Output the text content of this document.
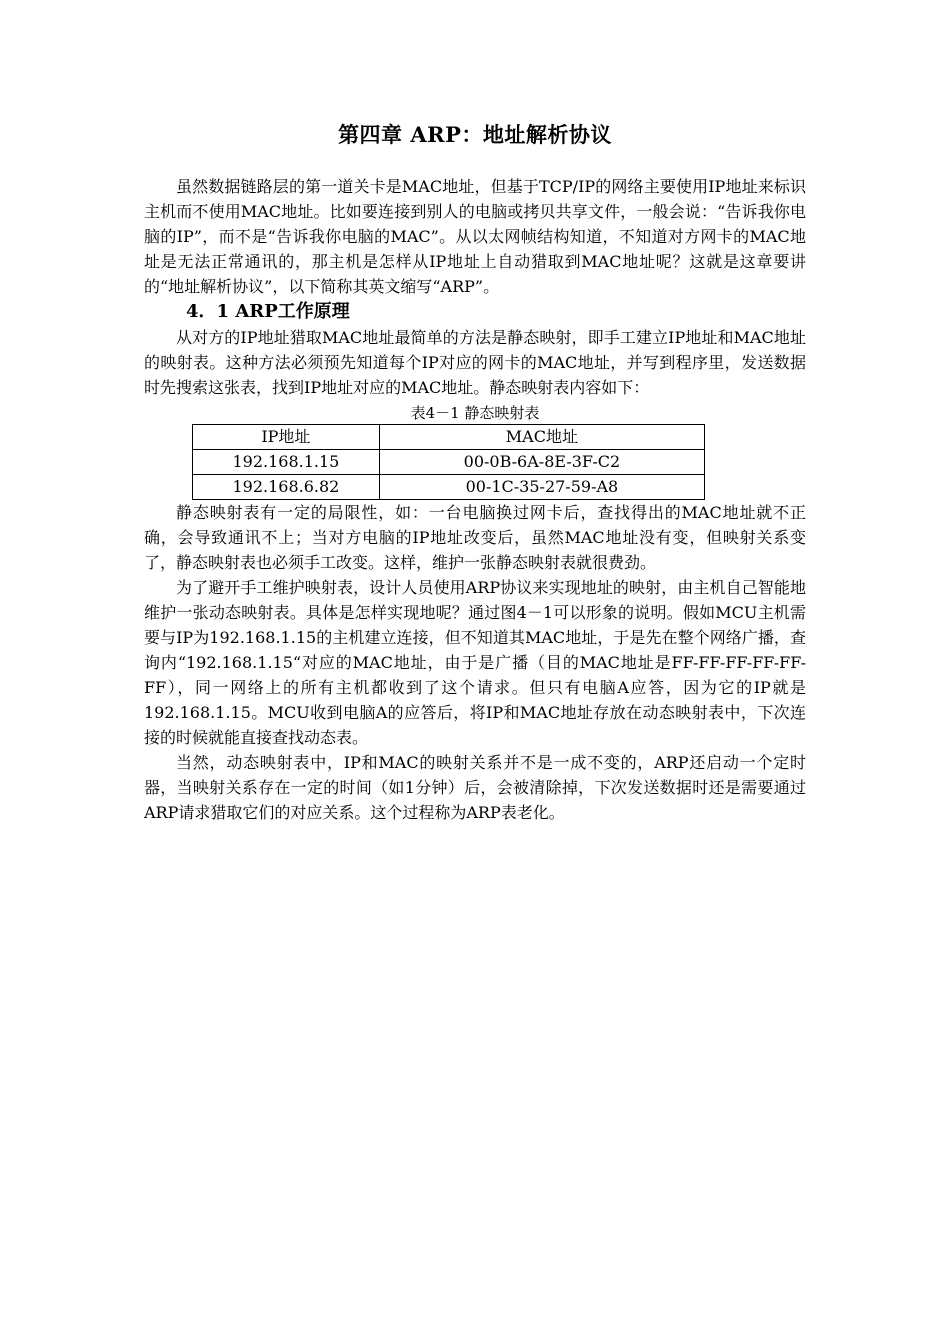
第四章 ARP：地址解析协议

虽然数据链路层的第一道关卡是MAC地址，但基于TCP/IP的网络主要使用IP地址来标识主机而不使用MAC地址。比如要连接到别人的电脑或拷贝共享文件，一般会说：“告诉我你电脑的IP”，而不是“告诉我你电脑的MAC”。从以太网帧结构知道，不知道对方网卡的MAC地址是无法正常通讯的，那主机是怎样从IP地址上自动猎取到MAC地址呢？这就是这章要讲的“地址解析协议”，以下简称其英文缩写“ARP”。

4．1 ARP工作原理

从对方的IP地址猎取MAC地址最简单的方法是静态映射，即手工建立IP地址和MAC地址的映射表。这种方法必须预先知道每个IP对应的网卡的MAC地址，并写到程序里，发送数据时先搜索这张表，找到IP地址对应的MAC地址。静态映射表内容如下：

表4－1 静态映射表
IP地址	MAC地址
192.168.1.15	00-0B-6A-8E-3F-C2
192.168.6.82	00-1C-35-27-59-A8

静态映射表有一定的局限性，如：一台电脑换过网卡后，查找得出的MAC地址就不正确，会导致通讯不上；当对方电脑的IP地址改变后，虽然MAC地址没有变，但映射关系变了，静态映射表也必须手工改变。这样，维护一张静态映射表就很费劲。

为了避开手工维护映射表，设计人员使用ARP协议来实现地址的映射，由主机自己智能地维护一张动态映射表。具体是怎样实现地呢？通过图4－1可以形象的说明。假如MCU主机需要与IP为192.168.1.15的主机建立连接，但不知道其MAC地址，于是先在整个网络广播，查询内“192.168.1.15“对应的MAC地址，由于是广播（目的MAC地址是FF-FF-FF-FF-FF-FF），同一网络上的所有主机都收到了这个请求。但只有电脑A应答，因为它的IP就是192.168.1.15。MCU收到电脑A的应答后，将IP和MAC地址存放在动态映射表中，下次连接的时候就能直接查找动态表。

当然，动态映射表中，IP和MAC的映射关系并不是一成不变的，ARP还启动一个定时器，当映射关系存在一定的时间（如1分钟）后，会被清除掉，下次发送数据时还是需要通过ARP请求猎取它们的对应关系。这个过程称为ARP表老化。
